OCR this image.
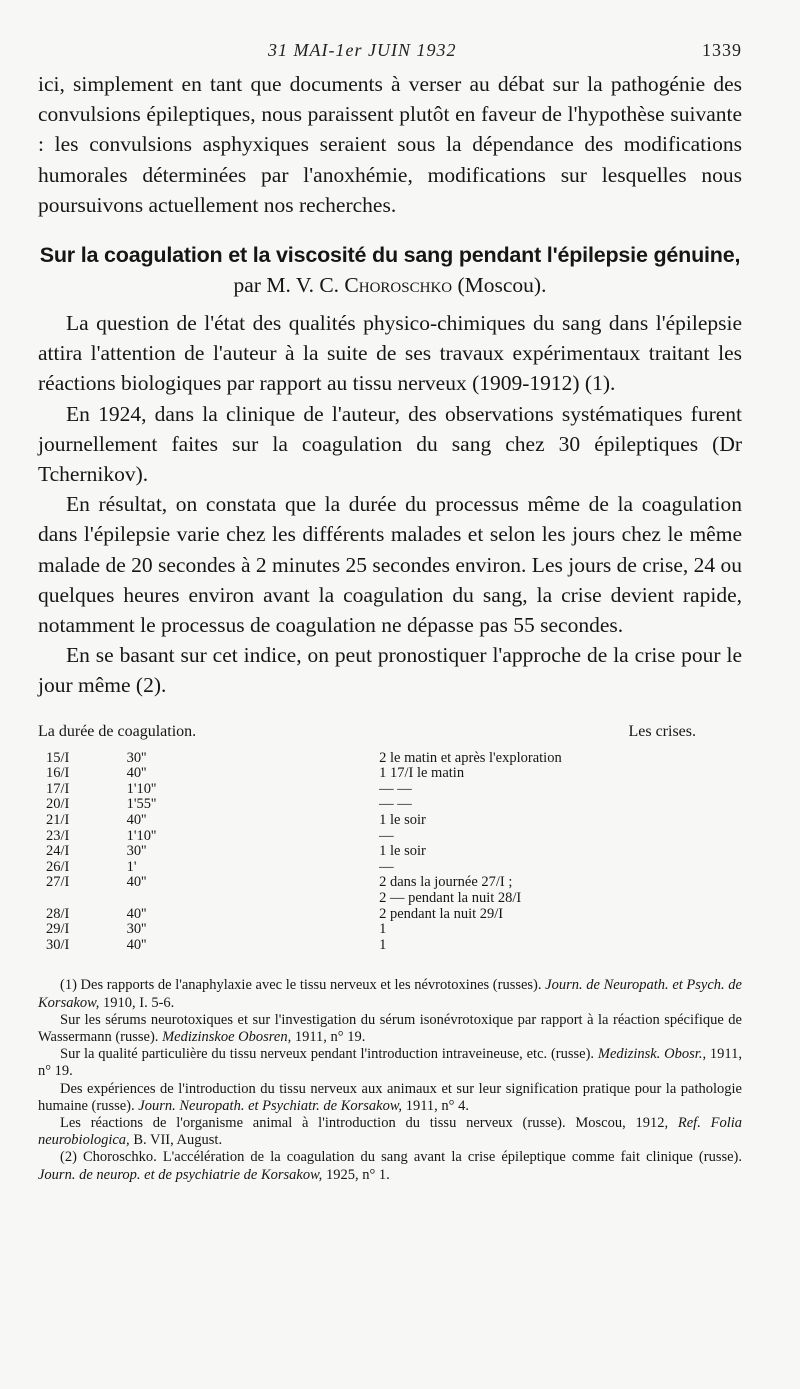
31 MAI-1er JUIN 1932	1339

ici, simplement en tant que documents à verser au débat sur la pathogénie des convulsions épileptiques, nous paraissent plutôt en faveur de l'hypothèse suivante : les convulsions asphyxiques seraient sous la dépendance des modifications humorales déterminées par l'anoxhémie, modifications sur lesquelles nous poursuivons actuellement nos recherches.

Sur la coagulation et la viscosité du sang pendant l'épilepsie génuine, par M. V. C. Choroschko (Moscou).

La question de l'état des qualités physico-chimiques du sang dans l'épilepsie attira l'attention de l'auteur à la suite de ses travaux expérimentaux traitant les réactions biologiques par rapport au tissu nerveux (1909-1912) (1).

En 1924, dans la clinique de l'auteur, des observations systématiques furent journellement faites sur la coagulation du sang chez 30 épileptiques (Dr Tchernikov).

En résultat, on constata que la durée du processus même de la coagulation dans l'épilepsie varie chez les différents malades et selon les jours chez le même malade de 20 secondes à 2 minutes 25 secondes environ. Les jours de crise, 24 ou quelques heures environ avant la coagulation du sang, la crise devient rapide, notamment le processus de coagulation ne dépasse pas 55 secondes.

En se basant sur cet indice, on peut pronostiquer l'approche de la crise pour le jour même (2).

La durée de coagulation.	Les crises.
15/I	30''	2 le matin et après l'exploration
16/I	40''	1 17/I le matin
17/I	1'10''	— —
20/I	1'55''	— —
21/I	40''	1 le soir
23/I	1'10''	—
24/I	30''	1 le soir
26/I	1'	—
27/I	40''	2 dans la journée 27/I ;
		2 — pendant la nuit 28/I
28/I	40''	2 pendant la nuit 29/I
29/I	30''	1
30/I	40''	1

(1) Des rapports de l'anaphylaxie avec le tissu nerveux et les névrotoxines (russes). Journ. de Neuropath. et Psych. de Korsakow, 1910, I. 5-6.

Sur les sérums neurotoxiques et sur l'investigation du sérum isonévrotoxique par rapport à la réaction spécifique de Wassermann (russe). Medizinskoe Obosren, 1911, n° 19.

Sur la qualité particulière du tissu nerveux pendant l'introduction intraveineuse, etc. (russe). Medizinsk. Obosr., 1911, n° 19.

Des expériences de l'introduction du tissu nerveux aux animaux et sur leur signification pratique pour la pathologie humaine (russe). Journ. Neuropath. et Psychiatr. de Korsakow, 1911, n° 4.

Les réactions de l'organisme animal à l'introduction du tissu nerveux (russe). Moscou, 1912, Ref. Folia neurobiologica, B. VII, August.

(2) Choroschko. L'accélération de la coagulation du sang avant la crise épileptique comme fait clinique (russe). Journ. de neurop. et de psychiatrie de Korsakow, 1925, n° 1.
